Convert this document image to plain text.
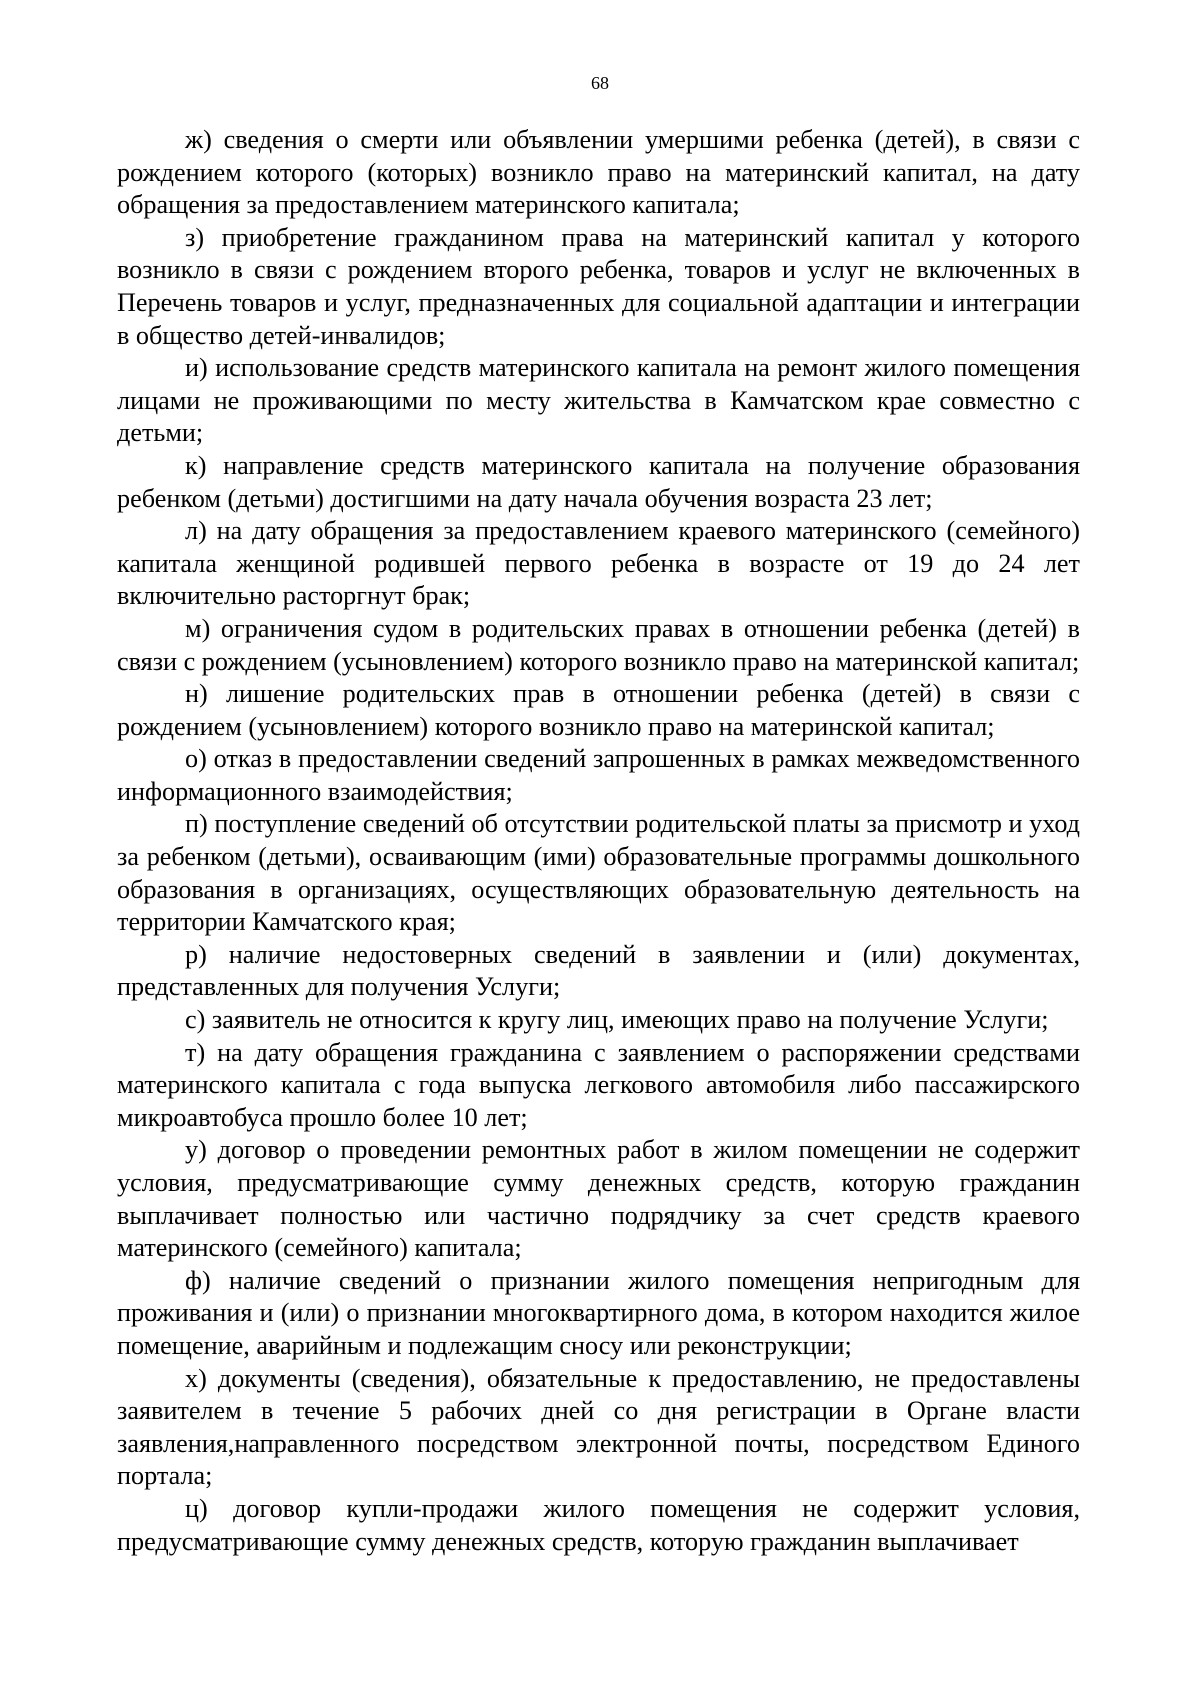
68

ж) сведения о смерти или объявлении умершими ребенка (детей), в связи с рождением которого (которых) возникло право на материнский капитал, на дату обращения за предоставлением материнского капитала;

з) приобретение гражданином права на материнский капитал у которого возникло в связи с рождением второго ребенка, товаров и услуг не включенных в Перечень товаров и услуг, предназначенных для социальной адаптации и интеграции в общество детей-инвалидов;

и) использование средств материнского капитала на ремонт жилого помещения лицами не проживающими по месту жительства в Камчатском крае совместно с детьми;

к) направление средств материнского капитала на получение образования ребенком (детьми) достигшими на дату начала обучения возраста 23 лет;

л) на дату обращения за предоставлением краевого материнского (семейного) капитала женщиной родившей первого ребенка в возрасте от 19 до 24 лет включительно расторгнут брак;

м) ограничения судом в родительских правах в отношении ребенка (детей) в связи с рождением (усыновлением) которого возникло право на материнской капитал;

н) лишение родительских прав в отношении ребенка (детей) в связи с рождением (усыновлением) которого возникло право на материнской капитал;

о) отказ в предоставлении сведений запрошенных в рамках межведомственного информационного взаимодействия;

п) поступление сведений об отсутствии родительской платы за присмотр и уход за ребенком (детьми), осваивающим (ими) образовательные программы дошкольного образования в организациях, осуществляющих образовательную деятельность на территории Камчатского края;

р) наличие недостоверных сведений в заявлении и (или) документах, представленных для получения Услуги;

с) заявитель не относится к кругу лиц, имеющих право на получение Услуги;

т) на дату обращения гражданина с заявлением о распоряжении средствами материнского капитала с года выпуска легкового автомобиля либо пассажирского микроавтобуса прошло более 10 лет;

у) договор о проведении ремонтных работ в жилом помещении не содержит условия, предусматривающие сумму денежных средств, которую гражданин выплачивает полностью или частично подрядчику за счет средств краевого материнского (семейного) капитала;

ф) наличие сведений о признании жилого помещения непригодным для проживания и (или) о признании многоквартирного дома, в котором находится жилое помещение, аварийным и подлежащим сносу или реконструкции;

х) документы (сведения), обязательные к предоставлению, не предоставлены заявителем в течение 5 рабочих дней со дня регистрации в Органе власти заявления,направленного посредством электронной почты, посредством Единого портала;

ц) договор купли-продажи жилого помещения не содержит условия, предусматривающие сумму денежных средств, которую гражданин выплачивает
